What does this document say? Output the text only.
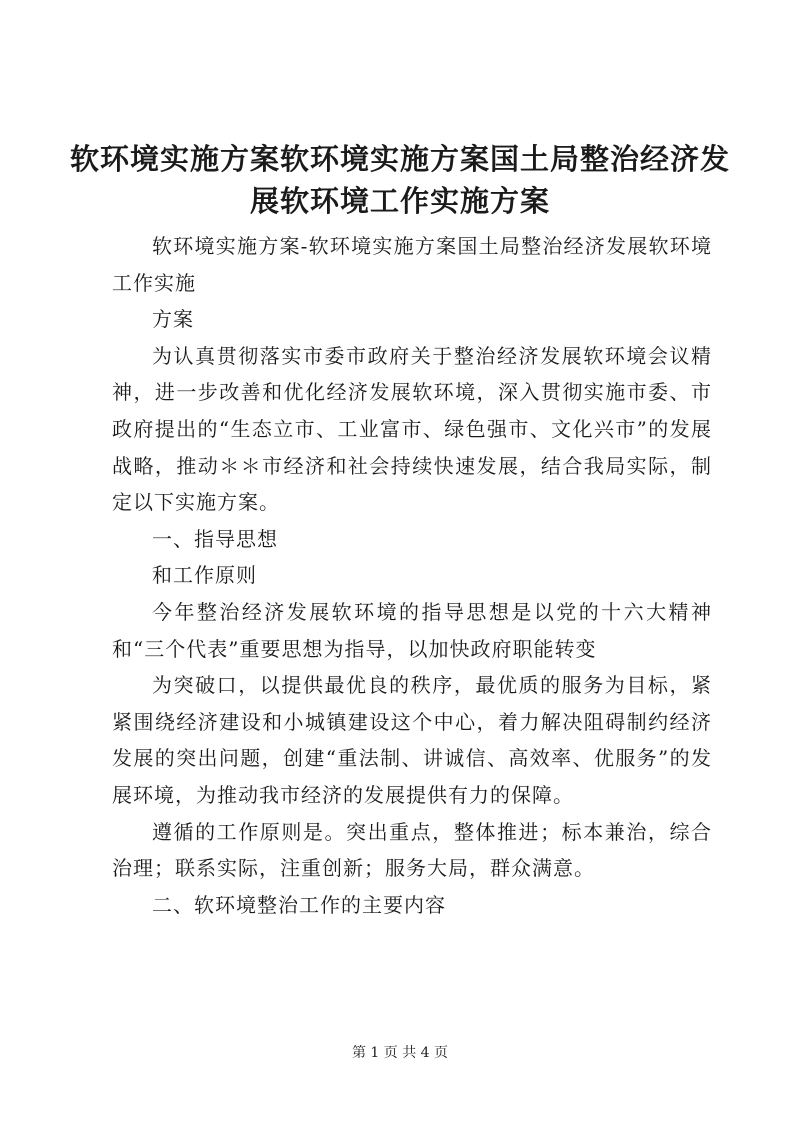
软环境实施方案软环境实施方案国土局整治经济发展软环境工作实施方案

软环境实施方案-软环境实施方案国土局整治经济发展软环境工作实施

方案

为认真贯彻落实市委市政府关于整治经济发展软环境会议精神，进一步改善和优化经济发展软环境，深入贯彻实施市委、市政府提出的“生态立市、工业富市、绿色强市、文化兴市”的发展战略，推动＊＊市经济和社会持续快速发展，结合我局实际，制定以下实施方案。

一、指导思想

和工作原则

今年整治经济发展软环境的指导思想是以党的十六大精神和“三个代表”重要思想为指导，以加快政府职能转变

为突破口，以提供最优良的秩序，最优质的服务为目标，紧紧围绕经济建设和小城镇建设这个中心，着力解决阻碍制约经济发展的突出问题，创建“重法制、讲诚信、高效率、优服务”的发展环境，为推动我市经济的发展提供有力的保障。

遵循的工作原则是。突出重点，整体推进；标本兼治，综合治理；联系实际，注重创新；服务大局，群众满意。

二、软环境整治工作的主要内容

第 1 页 共 4 页
